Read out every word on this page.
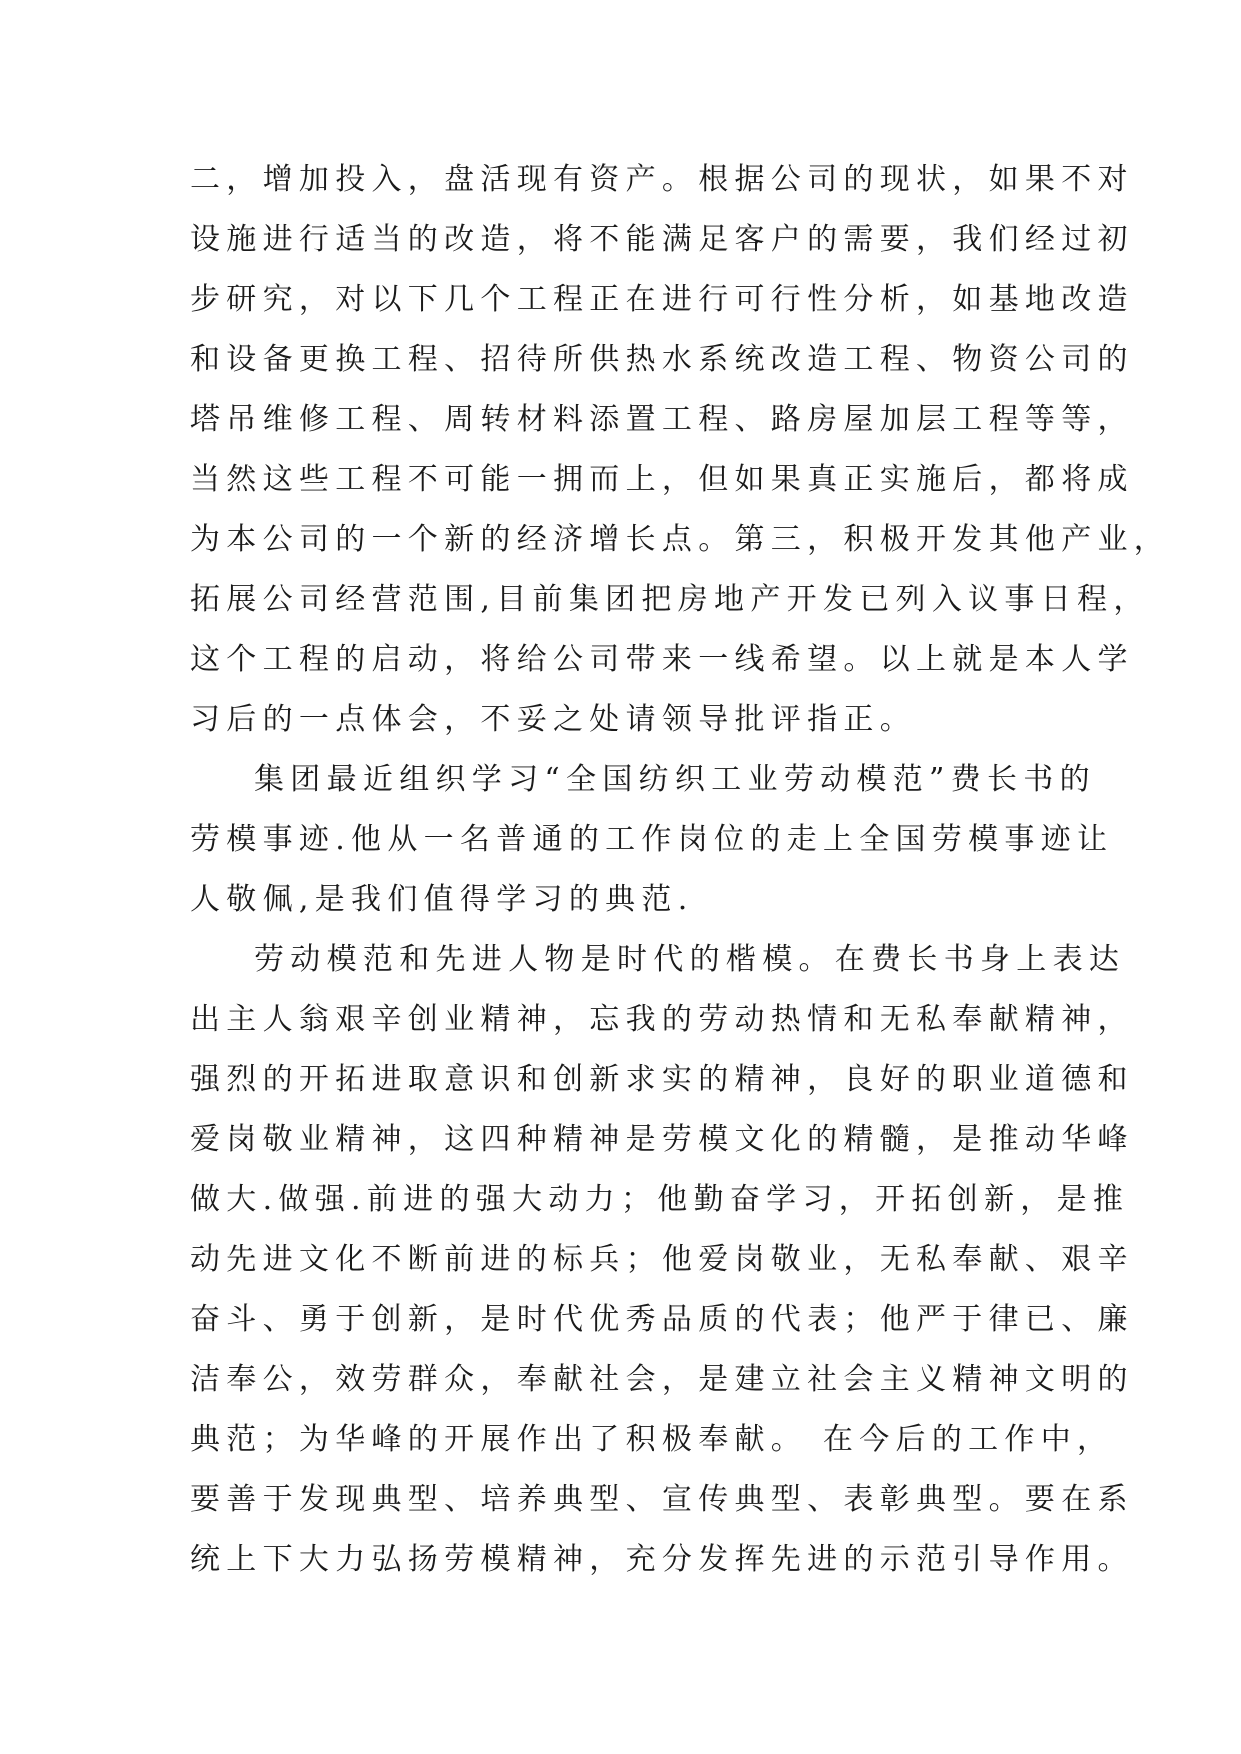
二，增加投入，盘活现有资产。根据公司的现状，如果不对
设施进行适当的改造，将不能满足客户的需要，我们经过初
步研究，对以下几个工程正在进行可行性分析，如基地改造
和设备更换工程、招待所供热水系统改造工程、物资公司的
塔吊维修工程、周转材料添置工程、路房屋加层工程等等，
当然这些工程不可能一拥而上，但如果真正实施后，都将成
为本公司的一个新的经济增长点。第三，积极开发其他产业，
拓展公司经营范围,目前集团把房地产开发已列入议事日程，
这个工程的启动，将给公司带来一线希望。以上就是本人学
习后的一点体会，不妥之处请领导批评指正。
集团最近组织学习“全国纺织工业劳动模范”费长书的
劳模事迹.他从一名普通的工作岗位的走上全国劳模事迹让
人敬佩,是我们值得学习的典范.
劳动模范和先进人物是时代的楷模。在费长书身上表达
出主人翁艰辛创业精神，忘我的劳动热情和无私奉献精神，
强烈的开拓进取意识和创新求实的精神，良好的职业道德和
爱岗敬业精神，这四种精神是劳模文化的精髓，是推动华峰
做大.做强.前进的强大动力；他勤奋学习，开拓创新，是推
动先进文化不断前进的标兵；他爱岗敬业，无私奉献、艰辛
奋斗、勇于创新，是时代优秀品质的代表；他严于律已、廉
洁奉公，效劳群众，奉献社会，是建立社会主义精神文明的
典范；为华峰的开展作出了积极奉献。 在今后的工作中，
要善于发现典型、培养典型、宣传典型、表彰典型。要在系
统上下大力弘扬劳模精神，充分发挥先进的示范引导作用。
